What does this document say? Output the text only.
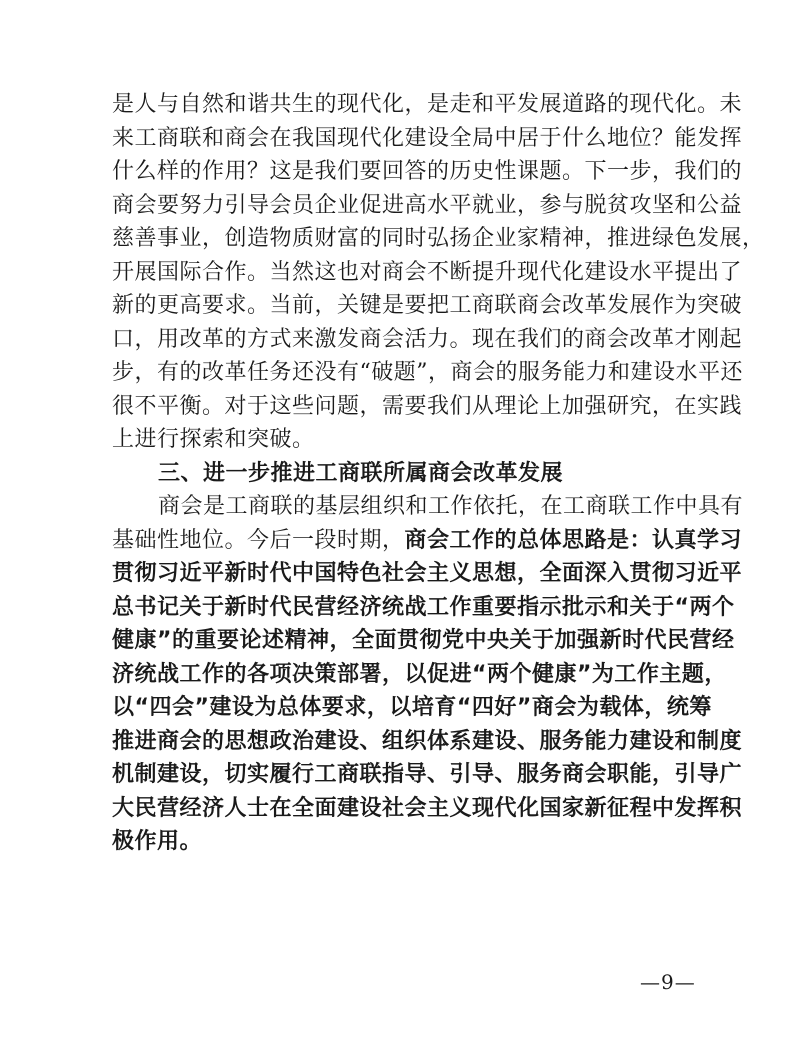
是人与自然和谐共生的现代化，是走和平发展道路的现代化。未
来工商联和商会在我国现代化建设全局中居于什么地位？能发挥
什么样的作用？这是我们要回答的历史性课题。下一步，我们的
商会要努力引导会员企业促进高水平就业，参与脱贫攻坚和公益
慈善事业，创造物质财富的同时弘扬企业家精神，推进绿色发展，
开展国际合作。当然这也对商会不断提升现代化建设水平提出了
新的更高要求。当前，关键是要把工商联商会改革发展作为突破
口，用改革的方式来激发商会活力。现在我们的商会改革才刚起
步，有的改革任务还没有“破题”，商会的服务能力和建设水平还
很不平衡。对于这些问题，需要我们从理论上加强研究，在实践
上进行探索和突破。
三、进一步推进工商联所属商会改革发展
商会是工商联的基层组织和工作依托，在工商联工作中具有
基础性地位。今后一段时期，商会工作的总体思路是：认真学习
贯彻习近平新时代中国特色社会主义思想，全面深入贯彻习近平
总书记关于新时代民营经济统战工作重要指示批示和关于“两个
健康”的重要论述精神，全面贯彻党中央关于加强新时代民营经
济统战工作的各项决策部署，以促进“两个健康”为工作主题，
以“四会”建设为总体要求，以培育“四好”商会为载体，统筹
推进商会的思想政治建设、组织体系建设、服务能力建设和制度
机制建设，切实履行工商联指导、引导、服务商会职能，引导广
大民营经济人士在全面建设社会主义现代化国家新征程中发挥积
极作用。
—9—
